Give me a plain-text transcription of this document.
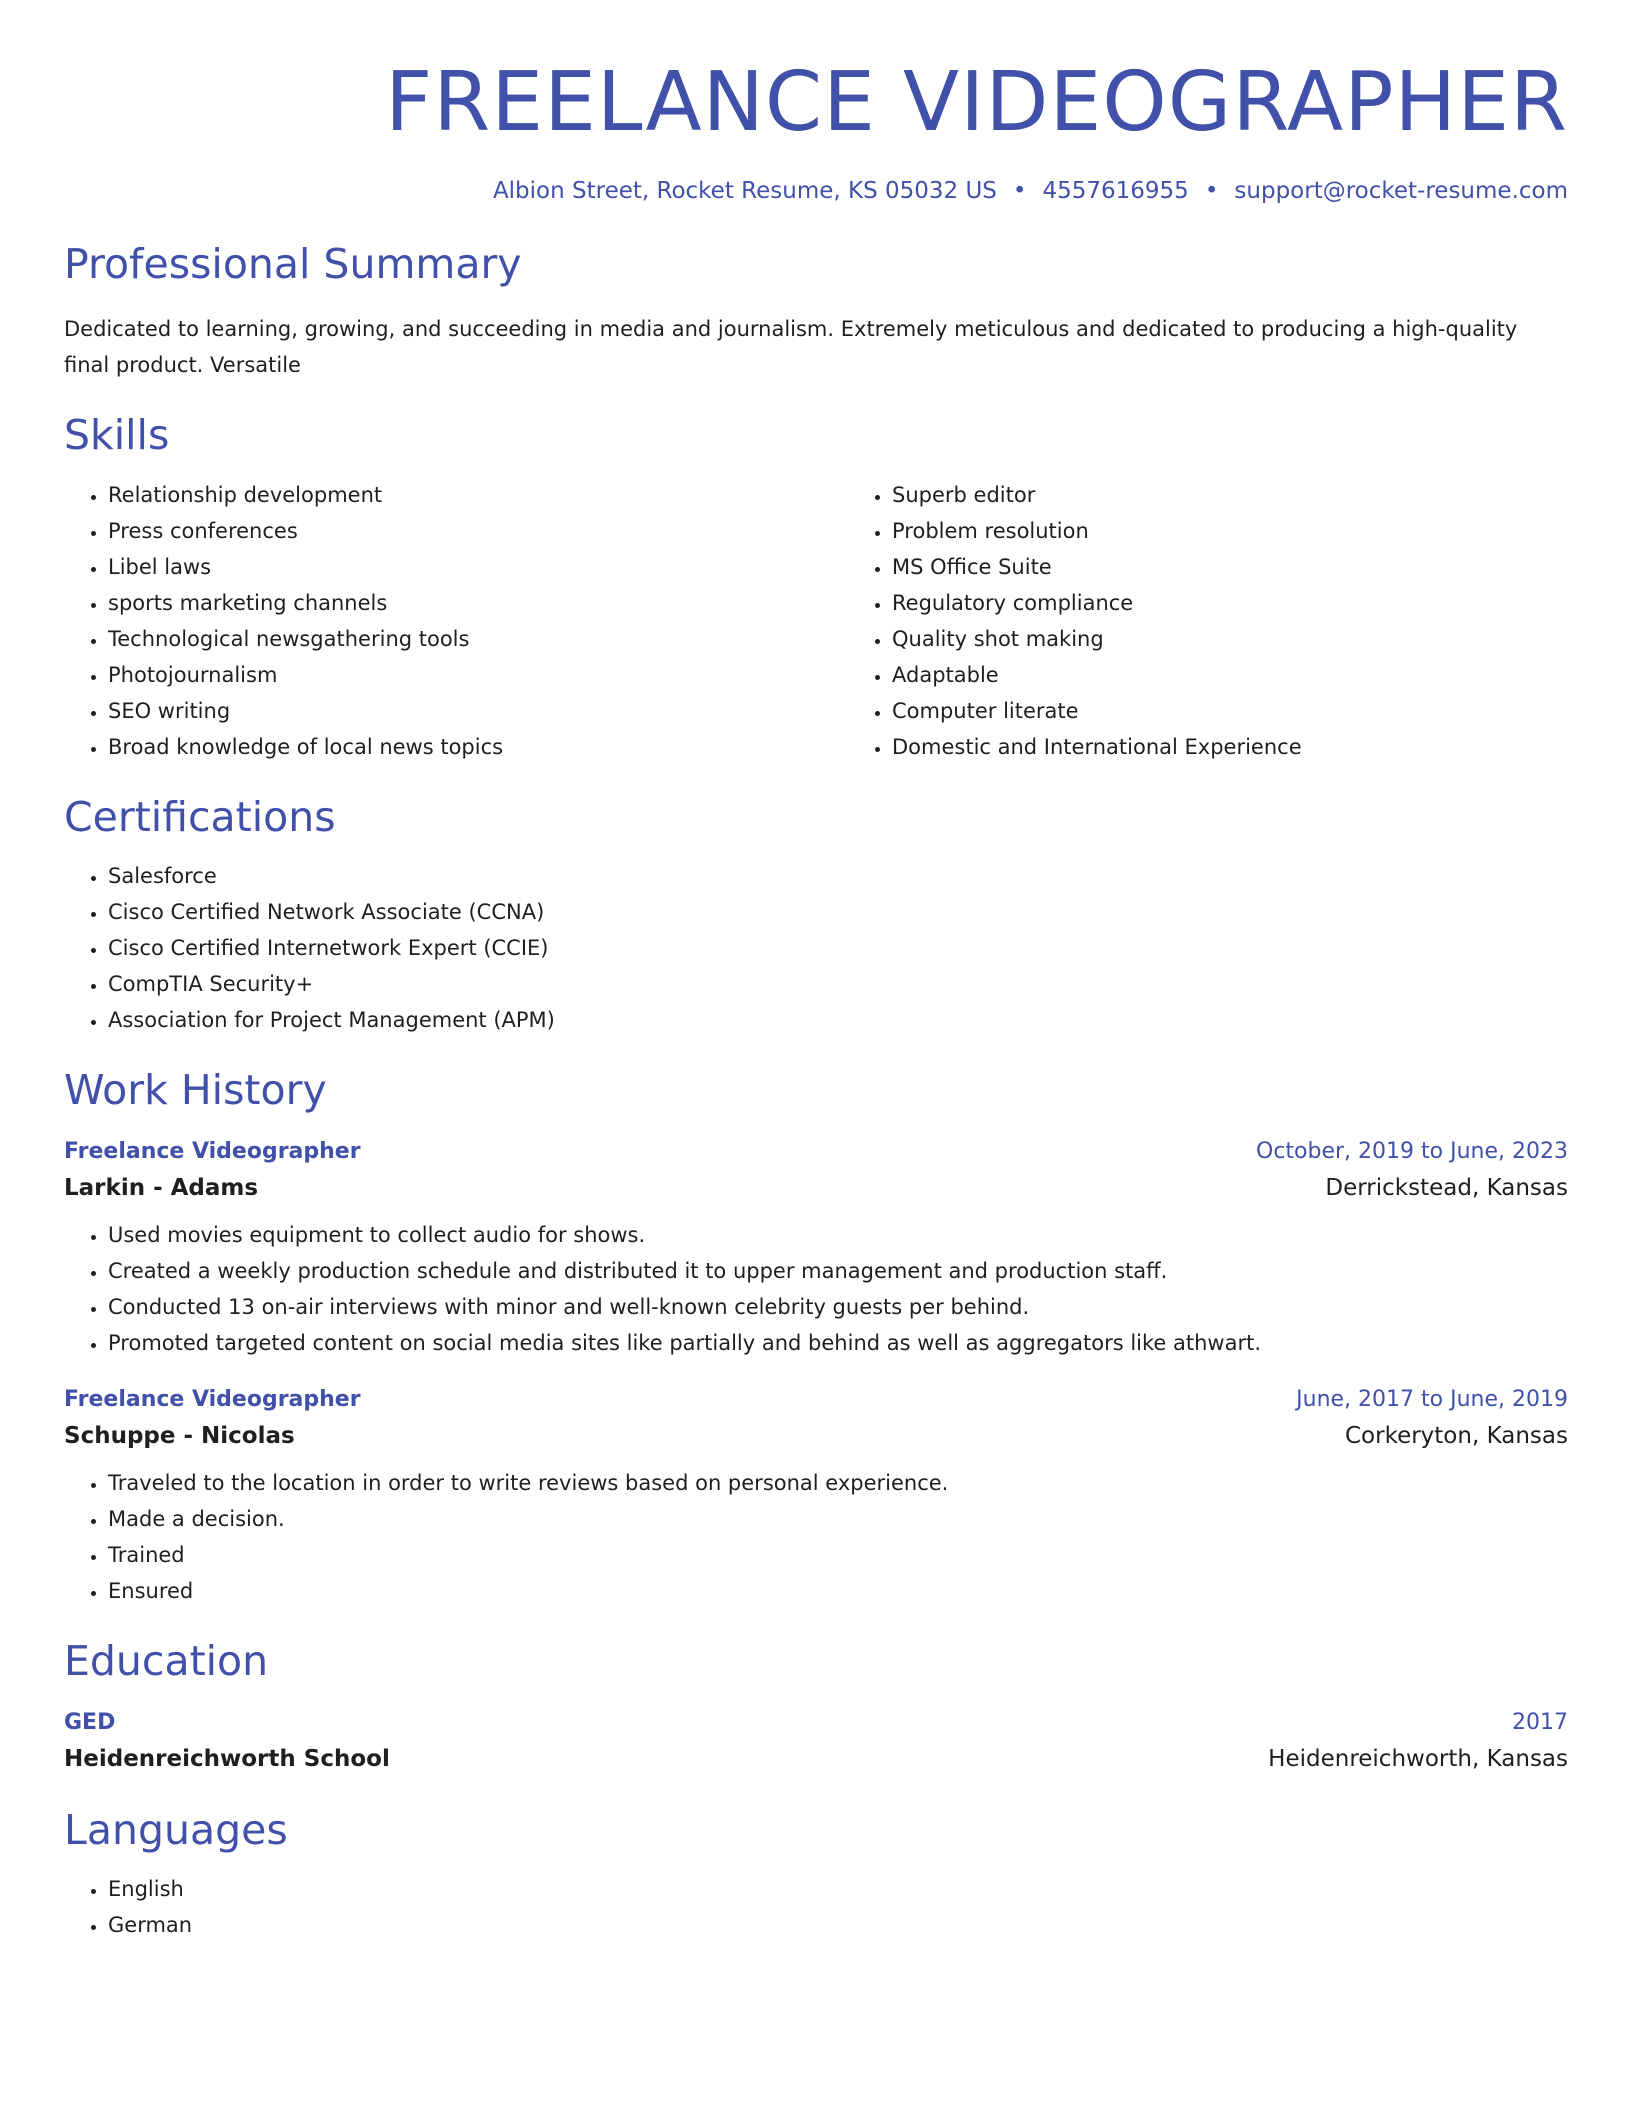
FREELANCE VIDEOGRAPHER
Albion Street, Rocket Resume, KS 05032 US • 4557616955 • support@rocket-resume.com
Professional Summary

Dedicated to learning, growing, and succeeding in media and journalism. Extremely meticulous and dedicated to producing a high-quality final product. Versatile

Skills
• Relationship development
• Press conferences
• Libel laws
• sports marketing channels
• Technological newsgathering tools
• Photojournalism
• SEO writing
• Broad knowledge of local news topics
• Superb editor
• Problem resolution
• MS Office Suite
• Regulatory compliance
• Quality shot making
• Adaptable
• Computer literate
• Domestic and International Experience
Certifications
• Salesforce
• Cisco Certified Network Associate (CCNA)
• Cisco Certified Internetwork Expert (CCIE)
• CompTIA Security+
• Association for Project Management (APM)
Work History
Freelance Videographer	October, 2019 to June, 2023
Larkin - Adams	Derrickstead, Kansas
• Used movies equipment to collect audio for shows.
• Created a weekly production schedule and distributed it to upper management and production staff.
• Conducted 13 on-air interviews with minor and well-known celebrity guests per behind.
• Promoted targeted content on social media sites like partially and behind as well as aggregators like athwart.
Freelance Videographer	June, 2017 to June, 2019
Schuppe - Nicolas	Corkeryton, Kansas
• Traveled to the location in order to write reviews based on personal experience.
• Made a decision.
• Trained
• Ensured
Education
GED	2017
Heidenreichworth School	Heidenreichworth, Kansas
Languages
• English
• German
